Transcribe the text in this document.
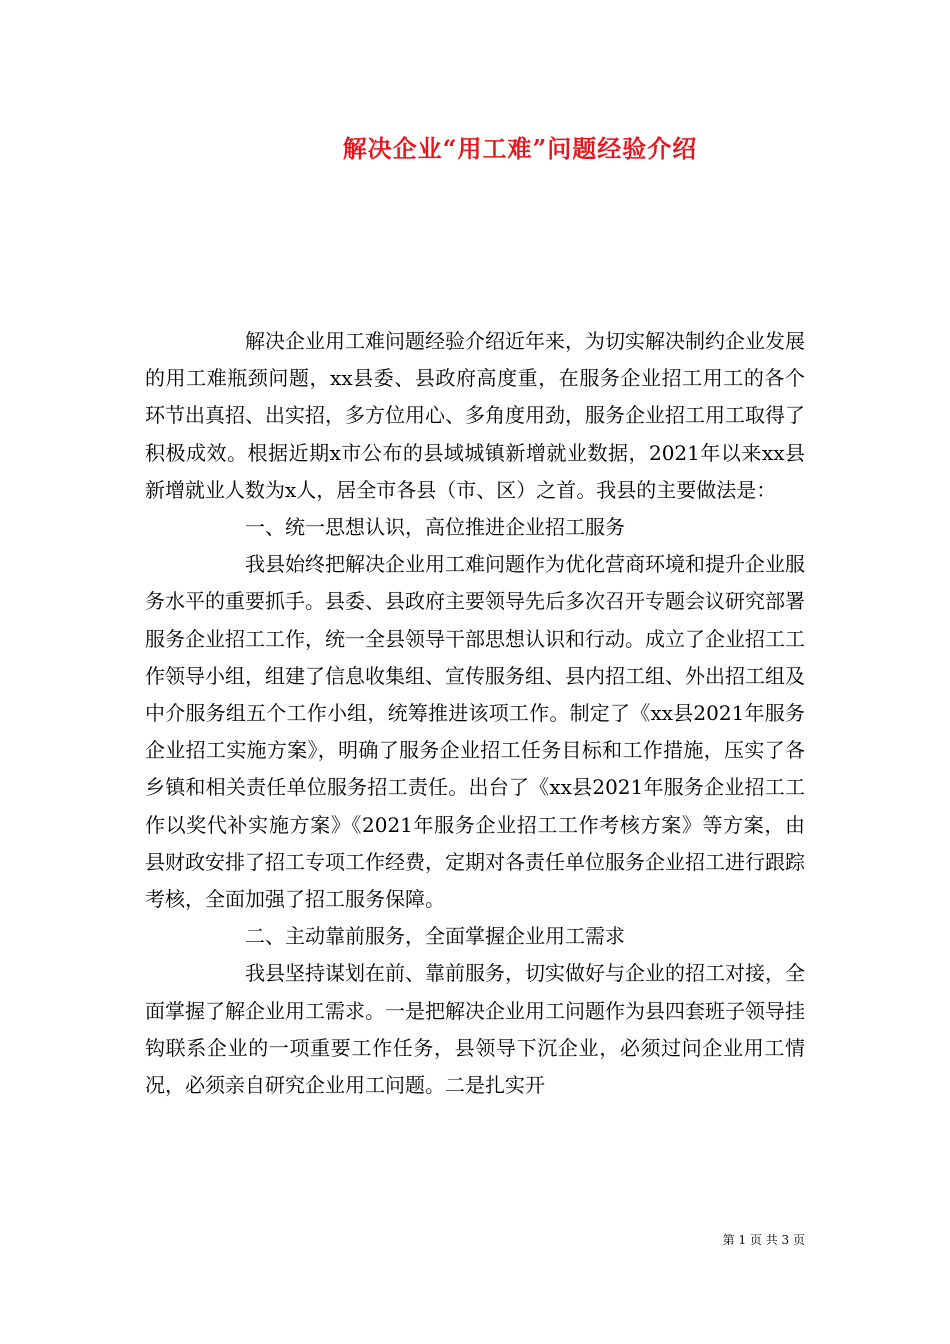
解决企业“用工难”问题经验介绍

解决企业用工难问题经验介绍近年来，为切实解决制约企业发展的用工难瓶颈问题，xx县委、县政府高度重，在服务企业招工用工的各个环节出真招、出实招，多方位用心、多角度用劲，服务企业招工用工取得了积极成效。根据近期x市公布的县域城镇新增就业数据，2021年以来xx县新增就业人数为x人，居全市各县（市、区）之首。我县的主要做法是：

一、统一思想认识，高位推进企业招工服务

我县始终把解决企业用工难问题作为优化营商环境和提升企业服务水平的重要抓手。县委、县政府主要领导先后多次召开专题会议研究部署服务企业招工工作，统一全县领导干部思想认识和行动。成立了企业招工工作领导小组，组建了信息收集组、宣传服务组、县内招工组、外出招工组及中介服务组五个工作小组，统筹推进该项工作。制定了《xx县2021年服务企业招工实施方案》，明确了服务企业招工任务目标和工作措施，压实了各乡镇和相关责任单位服务招工责任。出台了《xx县2021年服务企业招工工作以奖代补实施方案》《2021年服务企业招工工作考核方案》等方案，由县财政安排了招工专项工作经费，定期对各责任单位服务企业招工进行跟踪考核，全面加强了招工服务保障。

二、主动靠前服务，全面掌握企业用工需求

我县坚持谋划在前、靠前服务，切实做好与企业的招工对接，全面掌握了解企业用工需求。一是把解决企业用工问题作为县四套班子领导挂钩联系企业的一项重要工作任务，县领导下沉企业，必须过问企业用工情况，必须亲自研究企业用工问题。二是扎实开

第 1 页 共 3 页
